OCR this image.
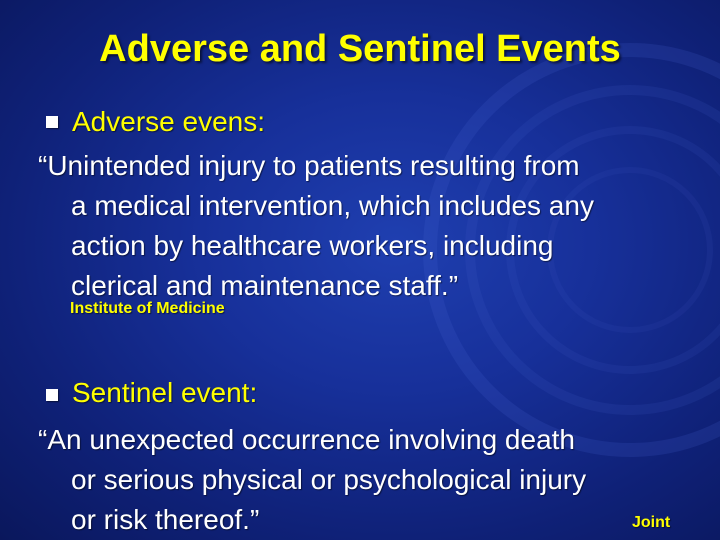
Adverse and Sentinel Events
Adverse evens:
“Unintended injury to patients resulting from
a medical intervention, which includes any
action by healthcare workers, including
clerical and maintenance staff.”
Institute of Medicine
Sentinel event:
“An unexpected occurrence involving death
or serious physical or psychological injury
or risk thereof.”	Joint
